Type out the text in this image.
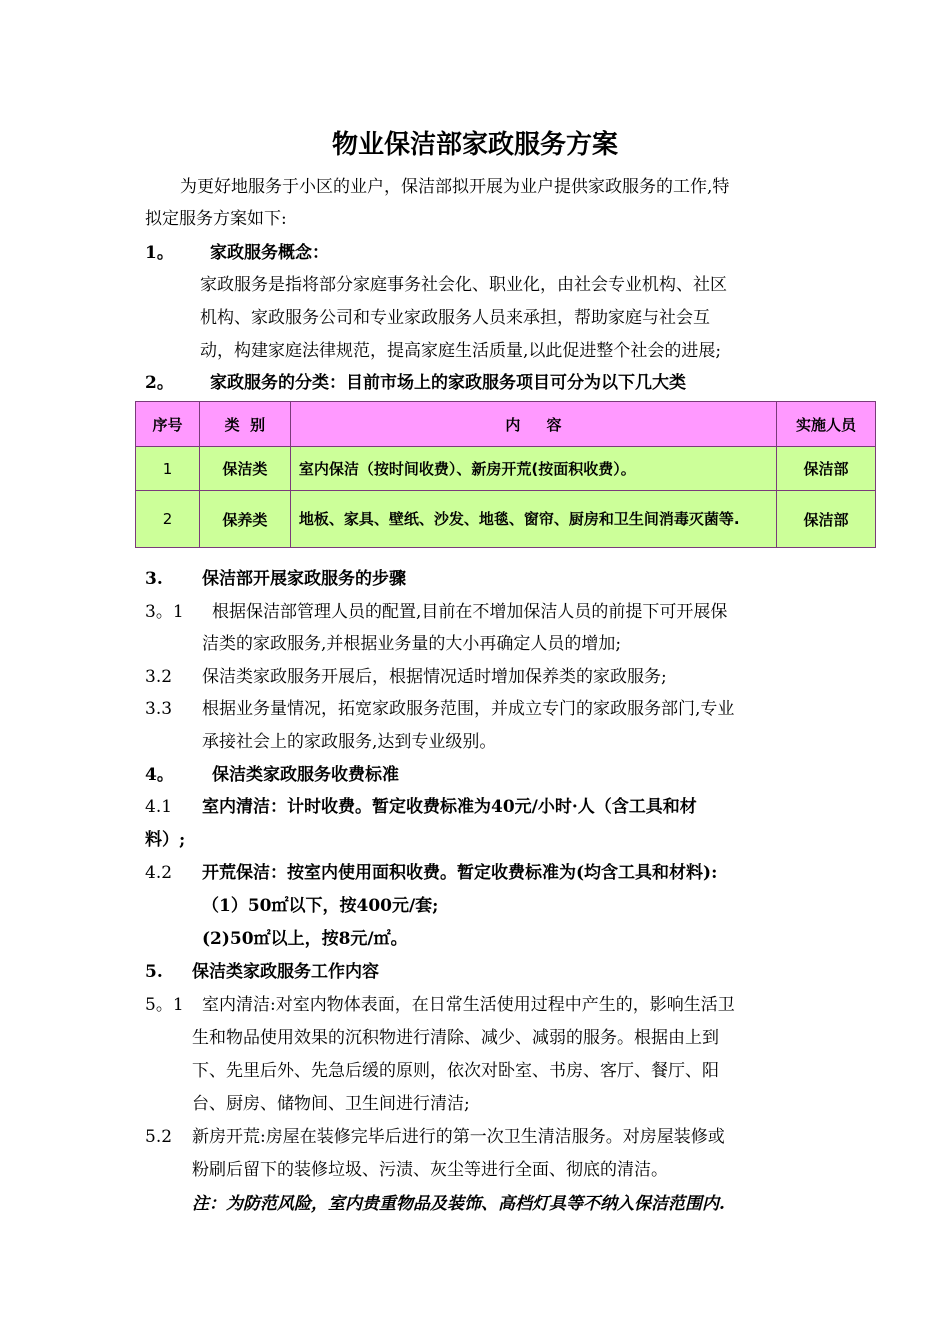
物业保洁部家政服务方案
为更好地服务于小区的业户，保洁部拟开展为业户提供家政服务的工作,特
拟定服务方案如下:
1。 家政服务概念：
家政服务是指将部分家庭事务社会化、职业化，由社会专业机构、社区
机构、家政服务公司和专业家政服务人员来承担，帮助家庭与社会互
动，构建家庭法律规范，提高家庭生活质量,以此促进整个社会的进展;
2。 家政服务的分类：目前市场上的家政服务项目可分为以下几大类
序号	类  别	内     容	实施人员
1	保洁类	室内保洁（按时间收费）、新房开荒(按面积收费）。	保洁部
2	保养类	地板、家具、壁纸、沙发、地毯、窗帘、厨房和卫生间消毒灭菌等.	保洁部
3. 保洁部开展家政服务的步骤
3。1 根据保洁部管理人员的配置,目前在不增加保洁人员的前提下可开展保
洁类的家政服务,并根据业务量的大小再确定人员的增加;
3.2 保洁类家政服务开展后，根据情况适时增加保养类的家政服务;
3.3 根据业务量情况，拓宽家政服务范围，并成立专门的家政服务部门,专业
承接社会上的家政服务,达到专业级别。
4。 保洁类家政服务收费标准
4.1 室内清洁：计时收费。暂定收费标准为40元/小时·人（含工具和材
料）;
4.2 开荒保洁：按室内使用面积收费。暂定收费标准为(均含工具和材料):
（1）50㎡以下，按400元/套;
(2)50㎡以上，按8元/㎡。
5. 保洁类家政服务工作内容
5。1 室内清洁:对室内物体表面，在日常生活使用过程中产生的，影响生活卫
生和物品使用效果的沉积物进行清除、减少、减弱的服务。根据由上到
下、先里后外、先急后缓的原则，依次对卧室、书房、客厅、餐厅、阳
台、厨房、储物间、卫生间进行清洁;
5.2 新房开荒:房屋在装修完毕后进行的第一次卫生清洁服务。对房屋装修或
粉刷后留下的装修垃圾、污渍、灰尘等进行全面、彻底的清洁。
注：为防范风险，室内贵重物品及装饰、高档灯具等不纳入保洁范围内.
